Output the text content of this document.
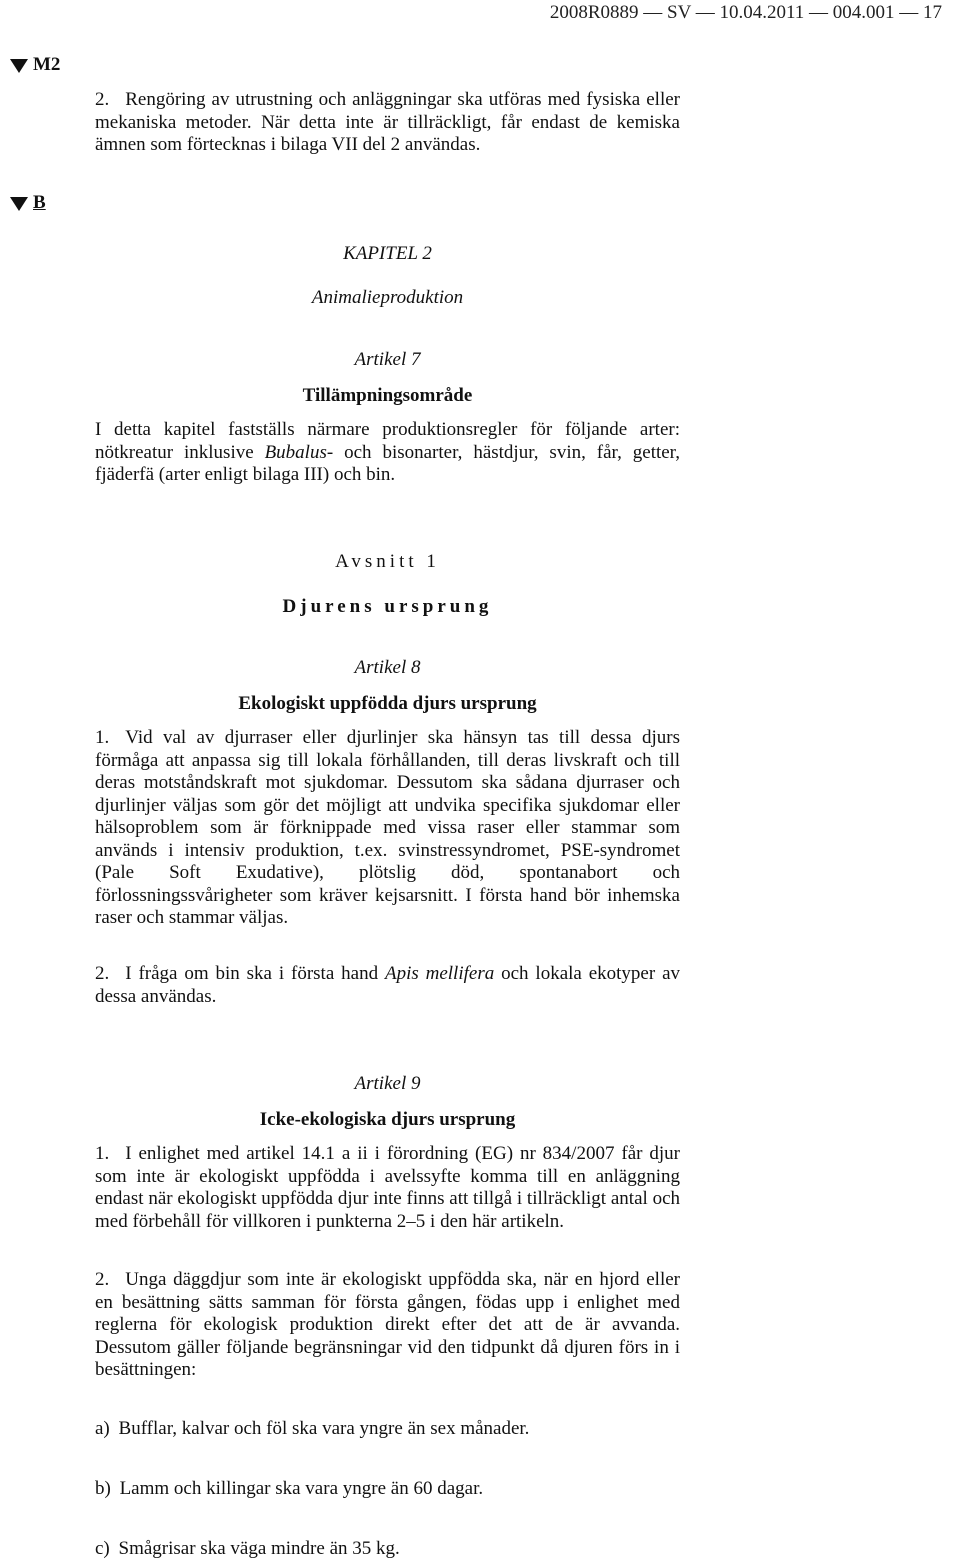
2008R0889 — SV — 10.04.2011 — 004.001 — 17
M2

2. Rengöring av utrustning och anläggningar ska utföras med fysiska eller mekaniska metoder. När detta inte är tillräckligt, får endast de kemiska ämnen som förtecknas i bilaga VII del 2 användas.

B
KAPITEL 2
Animalieproduktion
Artikel 7
Tillämpningsområde

I detta kapitel fastställs närmare produktionsregler för följande arter: nötkreatur inklusive Bubalus- och bisonarter, hästdjur, svin, får, getter, fjäderfä (arter enligt bilaga III) och bin.

Avsnitt 1
Djurens ursprung
Artikel 8
Ekologiskt uppfödda djurs ursprung

1. Vid val av djurraser eller djurlinjer ska hänsyn tas till dessa djurs förmåga att anpassa sig till lokala förhållanden, till deras livskraft och till deras motståndskraft mot sjukdomar. Dessutom ska sådana djurraser och djurlinjer väljas som gör det möjligt att undvika specifika sjukdomar eller hälsoproblem som är förknippade med vissa raser eller stammar som används i intensiv produktion, t.ex. svinstressyndromet, PSE-syndromet (Pale Soft Exudative), plötslig död, spontanabort och förlossningssvårigheter som kräver kejsarsnitt. I första hand bör inhemska raser och stammar väljas.

2. I fråga om bin ska i första hand Apis mellifera och lokala ekotyper av dessa användas.

Artikel 9
Icke-ekologiska djurs ursprung

1. I enlighet med artikel 14.1 a ii i förordning (EG) nr 834/2007 får djur som inte är ekologiskt uppfödda i avelssyfte komma till en anläggning endast när ekologiskt uppfödda djur inte finns att tillgå i tillräckligt antal och med förbehåll för villkoren i punkterna 2–5 i den här artikeln.

2. Unga däggdjur som inte är ekologiskt uppfödda ska, när en hjord eller en besättning sätts samman för första gången, födas upp i enlighet med reglerna för ekologisk produktion direkt efter det att de är avvanda. Dessutom gäller följande begränsningar vid den tidpunkt då djuren förs in i besättningen:

a) Bufflar, kalvar och föl ska vara yngre än sex månader.
b) Lamm och killingar ska vara yngre än 60 dagar.
c) Smågrisar ska väga mindre än 35 kg.
